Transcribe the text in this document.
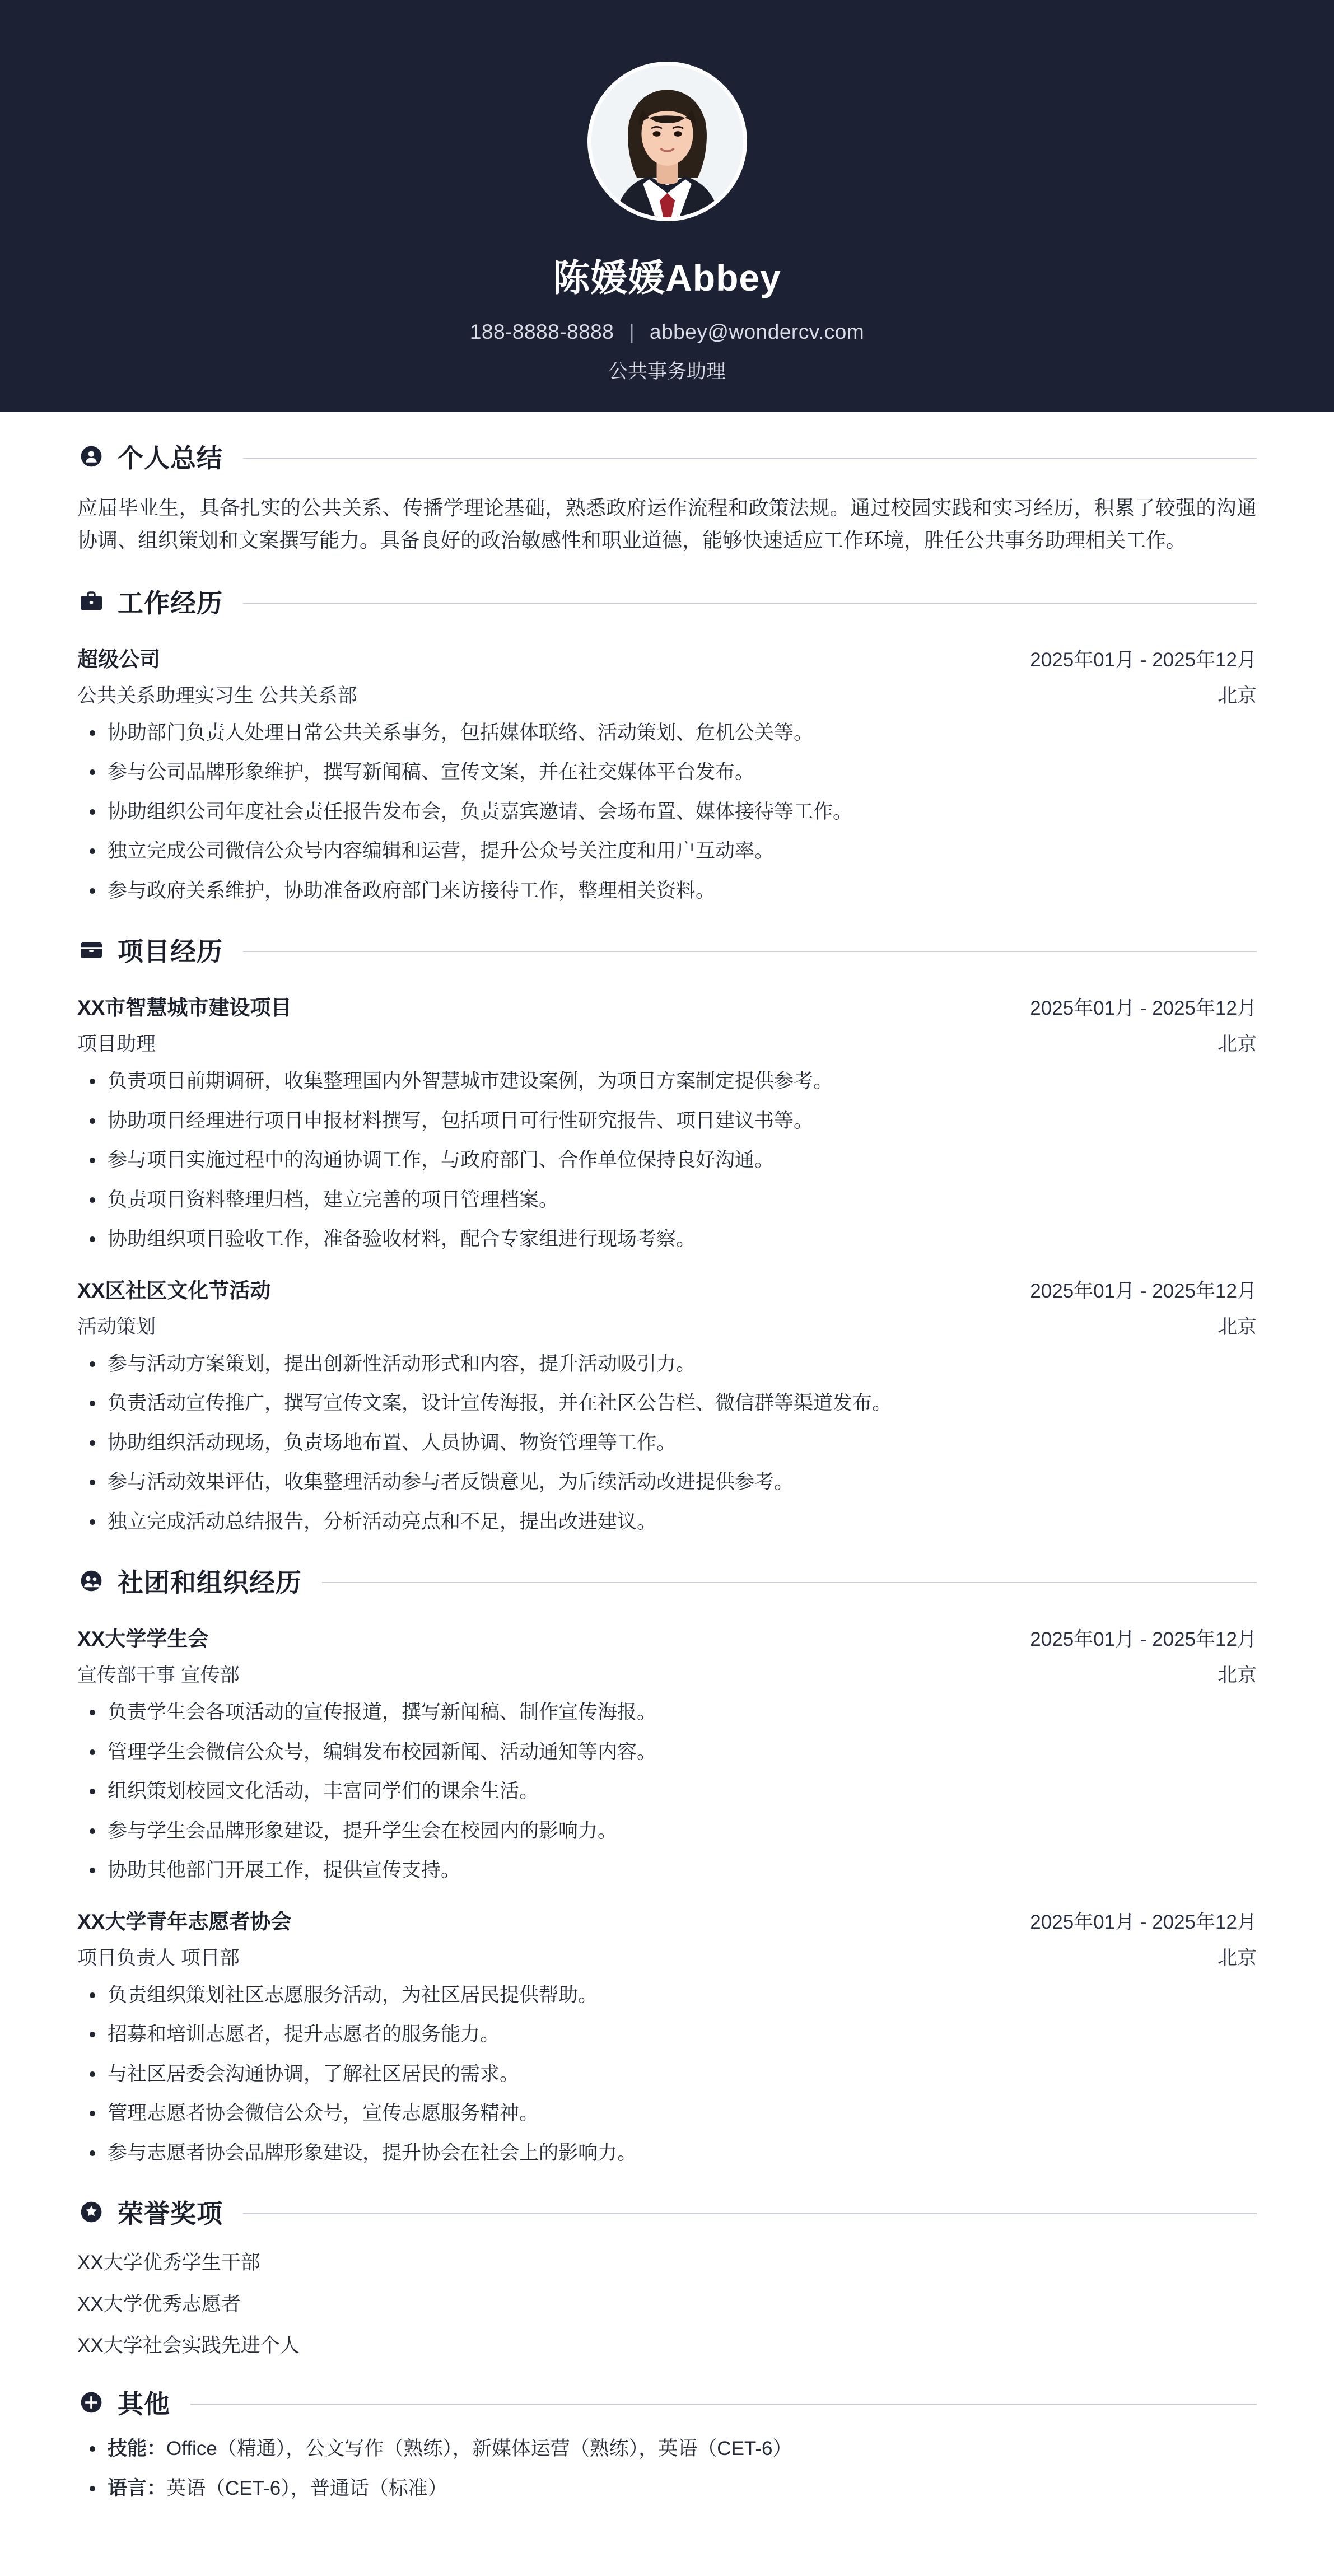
陈媛媛Abbey
188-8888-8888 | abbey@wondercv.com
公共事务助理
个人总结
应届毕业生，具备扎实的公共关系、传播学理论基础，熟悉政府运作流程和政策法规。通过校园实践和实习经历，积累了较强的沟通协调、组织策划和文案撰写能力。具备良好的政治敏感性和职业道德，能够快速适应工作环境，胜任公共事务助理相关工作。
工作经历
超级公司	2025年01月 - 2025年12月
公共关系助理实习生 公共关系部	北京
协助部门负责人处理日常公共关系事务，包括媒体联络、活动策划、危机公关等。
参与公司品牌形象维护，撰写新闻稿、宣传文案，并在社交媒体平台发布。
协助组织公司年度社会责任报告发布会，负责嘉宾邀请、会场布置、媒体接待等工作。
独立完成公司微信公众号内容编辑和运营，提升公众号关注度和用户互动率。
参与政府关系维护，协助准备政府部门来访接待工作，整理相关资料。
项目经历
XX市智慧城市建设项目	2025年01月 - 2025年12月
项目助理	北京
负责项目前期调研，收集整理国内外智慧城市建设案例，为项目方案制定提供参考。
协助项目经理进行项目申报材料撰写，包括项目可行性研究报告、项目建议书等。
参与项目实施过程中的沟通协调工作，与政府部门、合作单位保持良好沟通。
负责项目资料整理归档，建立完善的项目管理档案。
协助组织项目验收工作，准备验收材料，配合专家组进行现场考察。
XX区社区文化节活动	2025年01月 - 2025年12月
活动策划	北京
参与活动方案策划，提出创新性活动形式和内容，提升活动吸引力。
负责活动宣传推广，撰写宣传文案，设计宣传海报，并在社区公告栏、微信群等渠道发布。
协助组织活动现场，负责场地布置、人员协调、物资管理等工作。
参与活动效果评估，收集整理活动参与者反馈意见，为后续活动改进提供参考。
独立完成活动总结报告，分析活动亮点和不足，提出改进建议。
社团和组织经历
XX大学学生会	2025年01月 - 2025年12月
宣传部干事 宣传部	北京
负责学生会各项活动的宣传报道，撰写新闻稿、制作宣传海报。
管理学生会微信公众号，编辑发布校园新闻、活动通知等内容。
组织策划校园文化活动，丰富同学们的课余生活。
参与学生会品牌形象建设，提升学生会在校园内的影响力。
协助其他部门开展工作，提供宣传支持。
XX大学青年志愿者协会	2025年01月 - 2025年12月
项目负责人 项目部	北京
负责组织策划社区志愿服务活动，为社区居民提供帮助。
招募和培训志愿者，提升志愿者的服务能力。
与社区居委会沟通协调，了解社区居民的需求。
管理志愿者协会微信公众号，宣传志愿服务精神。
参与志愿者协会品牌形象建设，提升协会在社会上的影响力。
荣誉奖项
XX大学优秀学生干部
XX大学优秀志愿者
XX大学社会实践先进个人
其他
技能：Office（精通），公文写作（熟练），新媒体运营（熟练），英语（CET-6）
语言：英语（CET-6），普通话（标准）
